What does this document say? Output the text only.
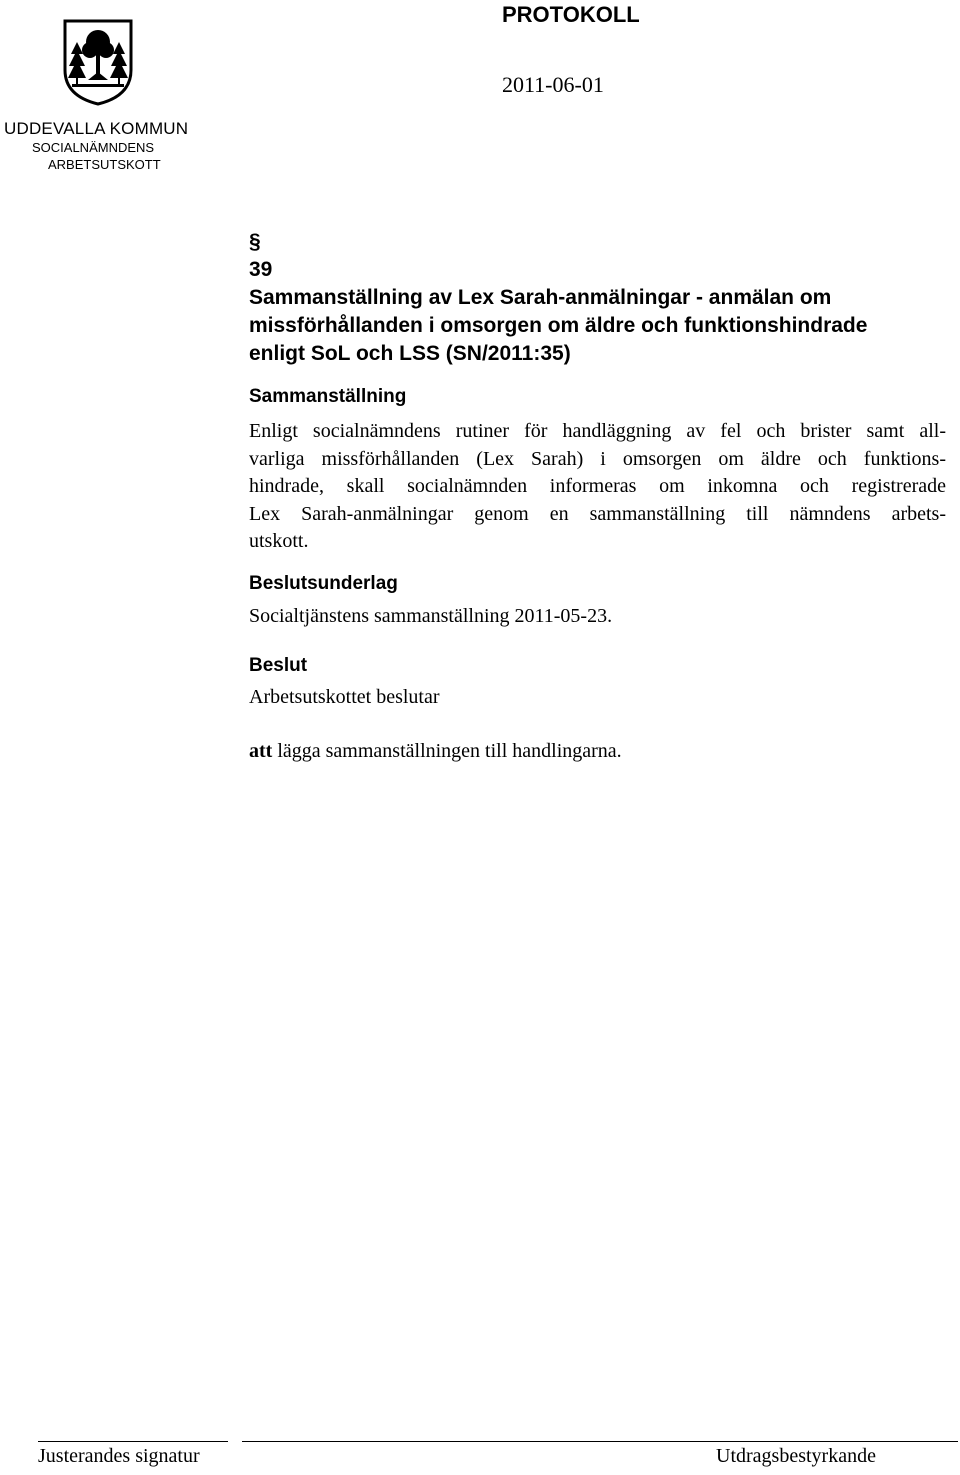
UDDEVALLA KOMMUN
SOCIALNÄMNDENS
ARBETSUTSKOTT
PROTOKOLL
2011-06-01
§
39
Sammanställning av Lex Sarah-anmälningar - anmälan om
missförhållanden i omsorgen om äldre och funktionshindrade
enligt SoL och LSS (SN/2011:35)
Sammanställning
Enligt socialnämndens rutiner för handläggning av fel och brister samt all-
varliga missförhållanden (Lex Sarah) i omsorgen om äldre och funktions-
hindrade, skall socialnämnden informeras om inkomna och registrerade
Lex Sarah-anmälningar genom en sammanställning till nämndens arbets-
utskott.
Beslutsunderlag
Socialtjänstens sammanställning 2011-05-23.
Beslut
Arbetsutskottet beslutar
att lägga sammanställningen till handlingarna.
Justerandes signatur	Utdragsbestyrkande
